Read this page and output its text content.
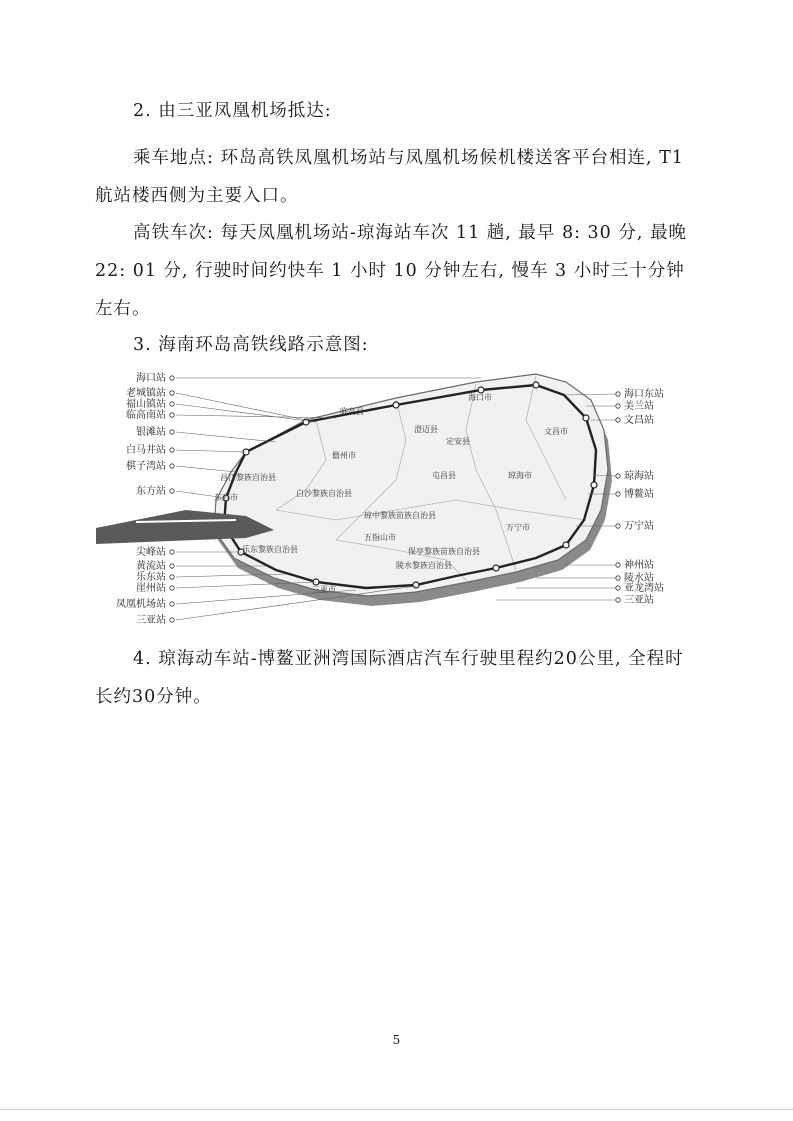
2. 由三亚凤凰机场抵达:

乘车地点: 环岛高铁凤凰机场站与凤凰机场候机楼送客平台相连, T1 航站楼西侧为主要入口。

高铁车次: 每天凤凰机场站-琼海站车次 11 趟, 最早 8: 30 分, 最晚 22: 01 分, 行驶时间约快车 1 小时 10 分钟左右, 慢车 3 小时三十分钟左右。

3. 海南环岛高铁线路示意图:

海口站
老城镇站
福山镇站
临高南站
银滩站
白马井站
棋子湾站
东方站
尖峰站
黄流站
乐东站
崖州站
凤凰机场站
三亚站
海口东站
美兰站
文昌站
琼海站
博鳌站
万宁站
神州站
陵水站
亚龙湾站
三亚站
海口市
临高县
澄迈县
定安县
文昌市
儋州市
屯昌县	琼海市
昌江黎族自治县
白沙黎族自治县
东方市
琼中黎族苗族自治县
五指山市
万宁市
乐东黎族自治县	保亭黎族苗族自治县
陵水黎族自治县
三亚市

4. 琼海动车站-博鳌亚洲湾国际酒店汽车行驶里程约20公里, 全程时长约30分钟。

5
